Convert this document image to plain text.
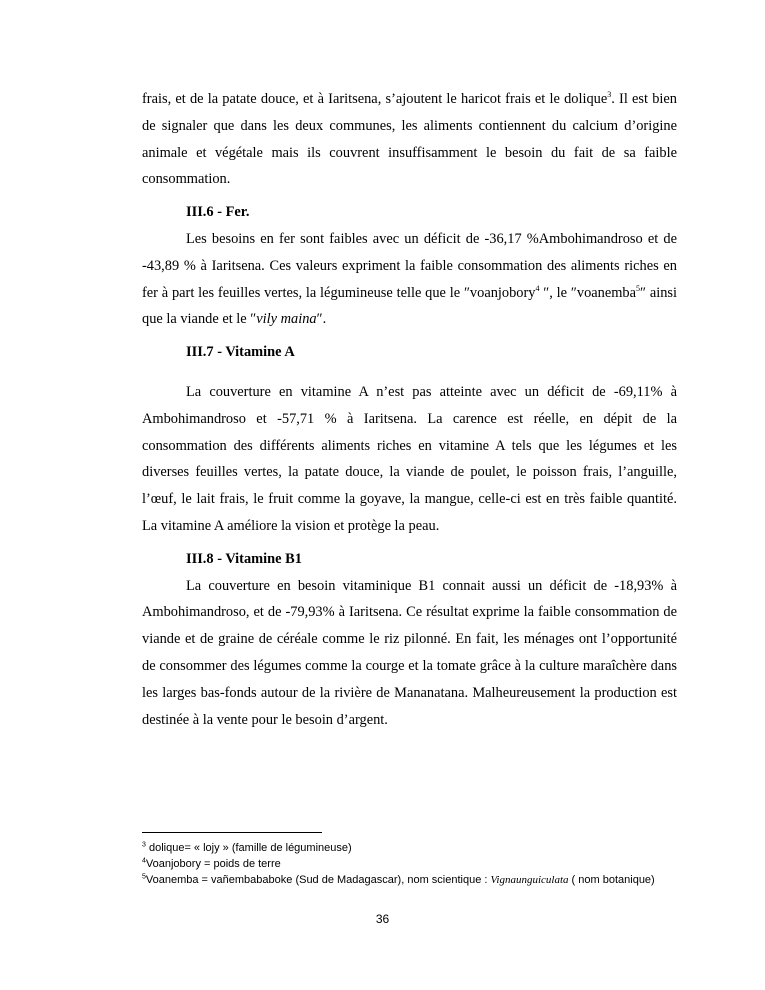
frais, et de la patate douce, et à Iaritsena, s’ajoutent le haricot frais et le dolique$^3$. Il est bien de signaler que dans les deux communes, les aliments contiennent du calcium d’origine animale et végétale mais ils couvrent insuffisamment le besoin du fait de sa faible consommation.

III.6 - Fer.

Les besoins en fer sont faibles avec un déficit de -36,17 %Ambohimandroso et de -43,89 % à Iaritsena. Ces valeurs expriment la faible consommation des aliments riches en fer à part les feuilles vertes, la légumineuse telle que le ″voanjobory$^4$ ″, le ″voanemba$^5$″ ainsi que la viande et le ″vily maina″.

III.7 - Vitamine A

La couverture en vitamine A n’est pas atteinte avec un déficit de -69,11% à Ambohimandroso et -57,71 % à Iaritsena. La carence est réelle, en dépit de la consommation des différents aliments riches en vitamine A tels que les légumes et les diverses feuilles vertes, la patate douce, la viande de poulet, le poisson frais, l’anguille, l’œuf, le lait frais, le fruit comme la goyave, la mangue, celle-ci est en très faible quantité. La vitamine A améliore la vision et protège la peau.

III.8 - Vitamine B1

La couverture en besoin vitaminique B1 connait aussi un déficit de -18,93% à Ambohimandroso, et de -79,93% à Iaritsena. Ce résultat exprime la faible consommation de viande et de graine de céréale comme le riz pilonné. En fait, les ménages ont l’opportunité de consommer des légumes comme la courge et la tomate grâce à la culture maraîchère dans les larges bas-fonds autour de la rivière de Mananatana. Malheureusement la production est destinée à la vente pour le besoin d’argent.

$^3$ dolique= « lojy » (famille de légumineuse)

$^4$Voanjobory = poids de terre

$^5$Voanemba = vañembababoke (Sud de Madagascar), nom scientique : Vignaunguiculata ( nom botanique)

36
